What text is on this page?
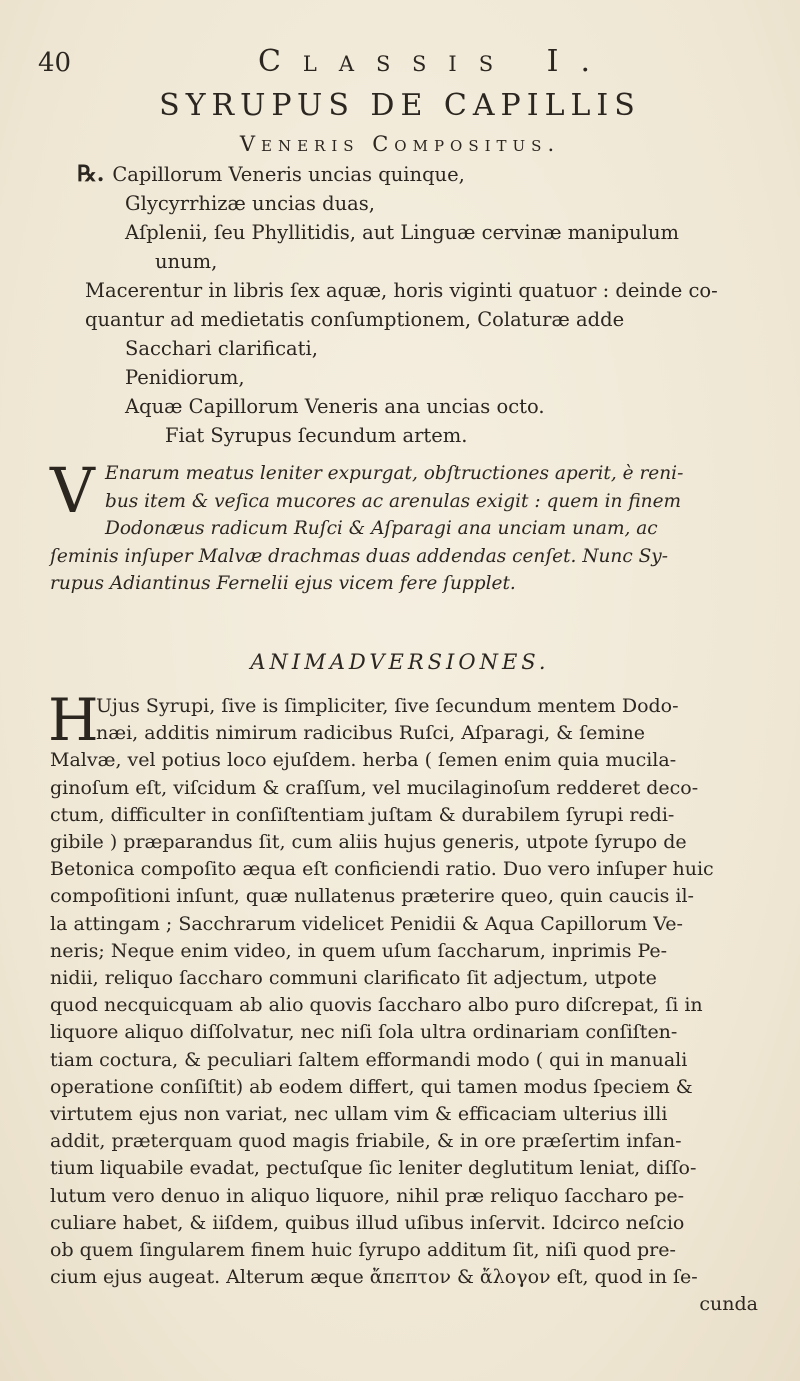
40	Classis I.
SYRUPUS DE CAPILLIS
Veneris Compositus.
℞. Capillorum Veneris uncias quinque,
Glycyrrhizæ uncias duas,
Aſplenii, ſeu Phyllitidis, aut Linguæ cervinæ manipulum
unum,
Macerentur in libris ſex aquæ, horis viginti quatuor : deinde co-
quantur ad medietatis conſumptionem, Colaturæ adde
Sacchari clarificati,
Penidiorum,
Aquæ Capillorum Veneris ana uncias octo.
Fiat Syrupus ſecundum artem.
V Enarum meatus leniter expurgat, obſtructiones aperit, è reni-
bus item & veſica mucores ac arenulas exigit : quem in finem
Dodonæus radicum Ruſci & Aſparagi ana unciam unam, ac
ſeminis inſuper Malvæ drachmas duas addendas cenſet. Nunc Sy-
rupus Adiantinus Fernelii ejus vicem fere ſupplet.
ANIMADVERSIONES.
H
Ujus Syrupi, ſive is ſimpliciter, ſive ſecundum mentem Dodo-
næi, additis nimirum radicibus Ruſci, Aſparagi, & ſemine
Malvæ, vel potius loco ejuſdem. herba ( ſemen enim quia mucila-
ginoſum eſt, viſcidum & craſſum, vel mucilaginoſum redderet deco-
ctum, difficulter in conſiſtentiam juſtam & durabilem ſyrupi redi-
gibile ) præparandus ſit, cum aliis hujus generis, utpote ſyrupo de
Betonica compoſito æqua eſt conficiendi ratio. Duo vero inſuper huic
compoſitioni inſunt, quæ nullatenus præterire queo, quin caucis il-
la attingam ; Sacchrarum videlicet Penidii & Aqua Capillorum Ve-
neris; Neque enim video, in quem uſum ſaccharum, inprimis Pe-
nidii, reliquo ſaccharo communi clarificato ſit adjectum, utpote
quod necquicquam ab alio quovis ſaccharo albo puro diſcrepat, ſi in
liquore aliquo diſſolvatur, nec niſi ſola ultra ordinariam conſiſten-
tiam coctura, & peculiari ſaltem efformandi modo ( qui in manuali
operatione conſiſtit) ab eodem differt, qui tamen modus ſpeciem &
virtutem ejus non variat, nec ullam vim & efficaciam ulterius illi
addit, præterquam quod magis friabile, & in ore præſertim infan-
tium liquabile evadat, pectuſque ſic leniter deglutitum leniat, diſſo-
lutum vero denuo in aliquo liquore, nihil præ reliquo ſaccharo pe-
culiare habet, & iiſdem, quibus illud uſibus inſervit. Idcirco neſcio
ob quem ſingularem finem huic ſyrupo additum ſit, niſi quod pre-
cium ejus augeat. Alterum æque ἄπεπτον & ἄλογον eſt, quod in ſe-
cunda
